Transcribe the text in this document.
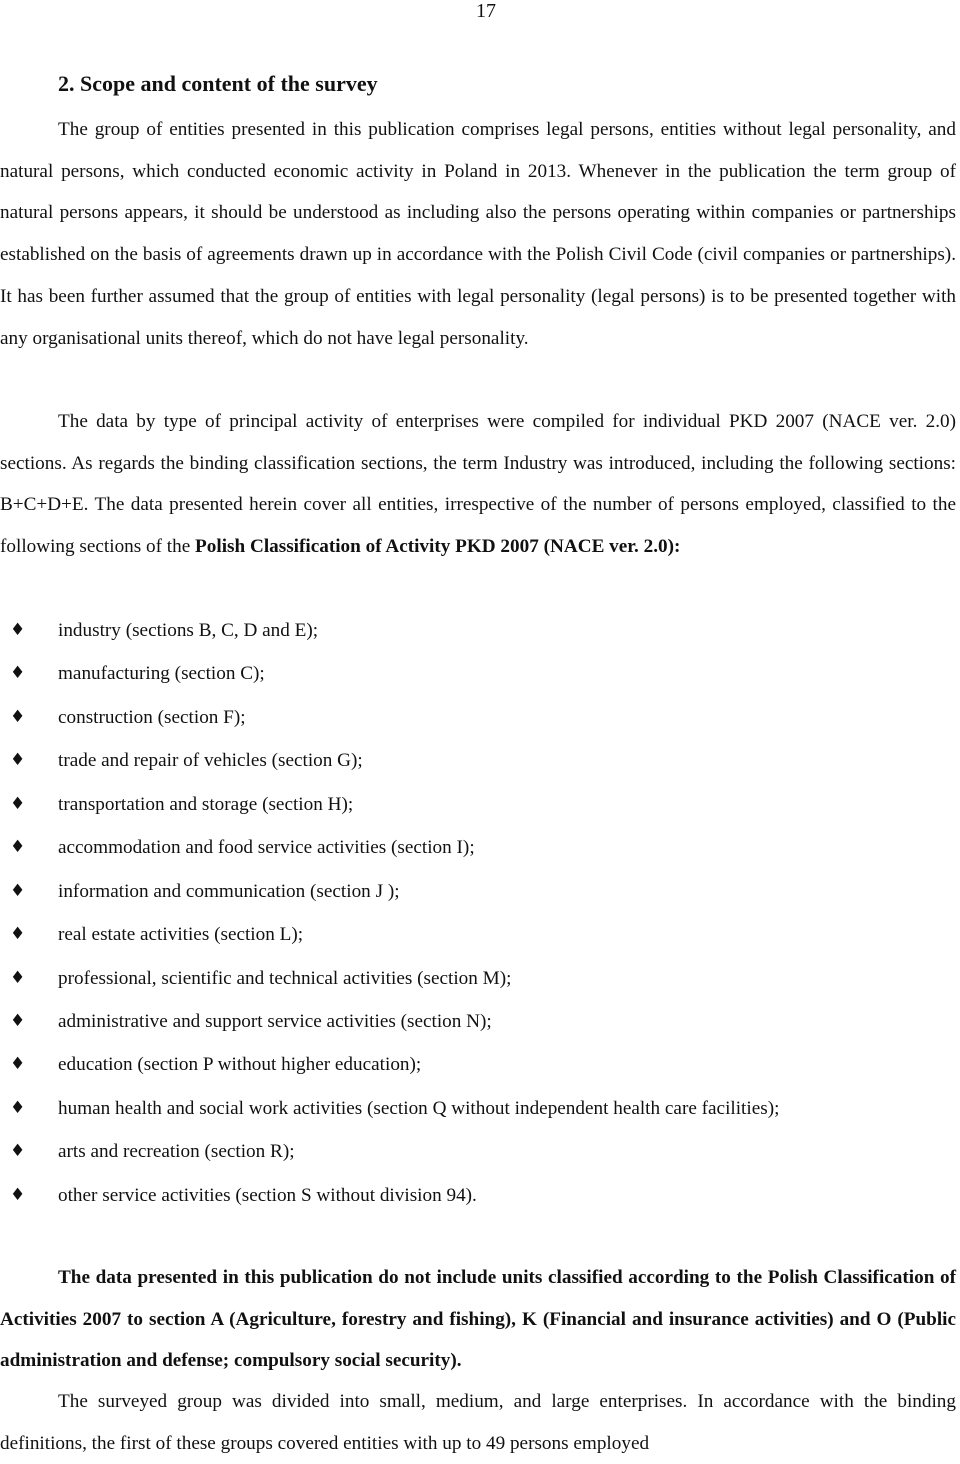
17
2. Scope and content of the survey

The group of entities presented in this publication comprises legal persons, entities without legal personality, and natural persons, which conducted economic activity in Poland in 2013. Whenever in the publication the term group of natural persons appears, it should be understood as including also the persons operating within companies or partnerships established on the basis of agreements drawn up in accordance with the Polish Civil Code (civil companies or partnerships). It has been further assumed that the group of entities with legal personality (legal persons) is to be presented together with any organisational units thereof, which do not have legal personality.

The data by type of principal activity of enterprises were compiled for individual PKD 2007 (NACE ver. 2.0) sections. As regards the binding classification sections, the term Industry was introduced, including the following sections: B+C+D+E. The data presented herein cover all entities, irrespective of the number of persons employed, classified to the following sections of the Polish Classification of Activity PKD 2007 (NACE ver. 2.0):

♦ industry (sections B, C, D and E);
♦ manufacturing (section C);
♦ construction (section F);
♦ trade and repair of vehicles (section G);
♦ transportation and storage (section H);
♦ accommodation and food service activities (section I);
♦ information and communication (section J );
♦ real estate activities (section L);
♦ professional, scientific and technical activities (section M);
♦ administrative and support service activities (section N);
♦ education (section P without higher education);
♦ human health and social work activities (section Q without independent health care facilities);
♦ arts and recreation (section R);
♦ other service activities (section S without division 94).

The data presented in this publication do not include units classified according to the Polish Classification of Activities 2007 to section A (Agriculture, forestry and fishing), K (Financial and insurance activities) and O (Public administration and defense; compulsory social security).

The surveyed group was divided into small, medium, and large enterprises. In accordance with the binding definitions, the first of these groups covered entities with up to 49 persons employed
